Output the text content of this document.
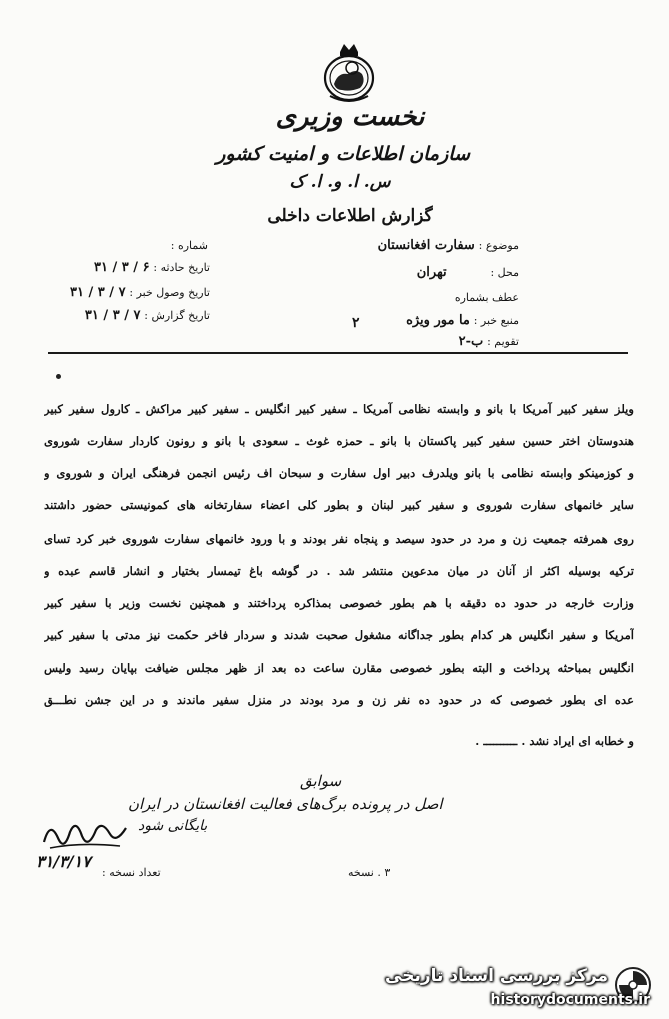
نخست وزیری
سازمان اطلاعات و امنیت کشور
س. ا. و. ا. ک
گزارش اطلاعات داخلی
موضوع : سفارت افغانستان
محل : تهران
عطف بشماره
منبع خبر : ما مور ویژه
تقویم : ب-۲
۲
شماره :
تاریخ حادثه : ۶ / ۳ / ۳۱
تاریخ وصول خبر : ۷ / ۳ / ۳۱
تاریخ گزارش : ۷ / ۳ / ۳۱
ویلز سفیر کبیر آمریکا با بانو و وابسته نظامی آمریکا ـ سفیر کبیر انگلیس ـ سفیر کبیر مراکش ـ کارول سفیر کبیر
هندوستان اختر حسین سفیر کبیر پاکستان با بانو ـ حمزه غوث ـ سعودی با بانو و رونون کاردار سفارت شوروی
و کوزمینکو وابسته نظامی با بانو ویلدرف دبیر اول سفارت و سبحان اف رئیس انجمن فرهنگی ایران و شوروی و
سایر خانمهای سفارت شوروی و سفیر کبیر لبنان و بطور کلی اعضاء سفارتخانه های کمونیستی حضور داشتند
روی همرفته جمعیت زن و مرد در حدود سیصد و پنجاه نفر بودند و با ورود خانمهای سفارت شوروی خبر کرد تسای
ترکیه بوسیله اکثر از آنان در میان مدعوین منتشر شد . در گوشه باغ تیمسار بختیار و انشار قاسم عبده و
وزارت خارجه در حدود ده دقیقه با هم بطور خصوصی بمذاکره پرداختند و همچنین نخست وزیر با سفیر کبیر
آمریکا و سفیر انگلیس هر کدام بطور جداگانه مشغول صحبت شدند و سردار فاخر حکمت نیز مدتی با سفیر کبیر
انگلیس بمباحثه پرداخت و البته بطور خصوصی مقارن ساعت ده بعد از ظهر مجلس ضیافت بپایان رسید ولیس
عده ای بطور خصوصی که در حدود ده نفر زن و مرد بودند در منزل سفیر ماندند و در این جشن نطـــق
و خطابه ای ایراد نشد . ــــــــــ .
سوابق
اصل در پرونده برگ‌های فعالیت افغانستان در ایران
بایگانی شود
۳۱/۳/۱۷
تعداد نسخه :	۳ . نسخه
مرکز بررسی اسناد تاریخی
historydocuments.ir
